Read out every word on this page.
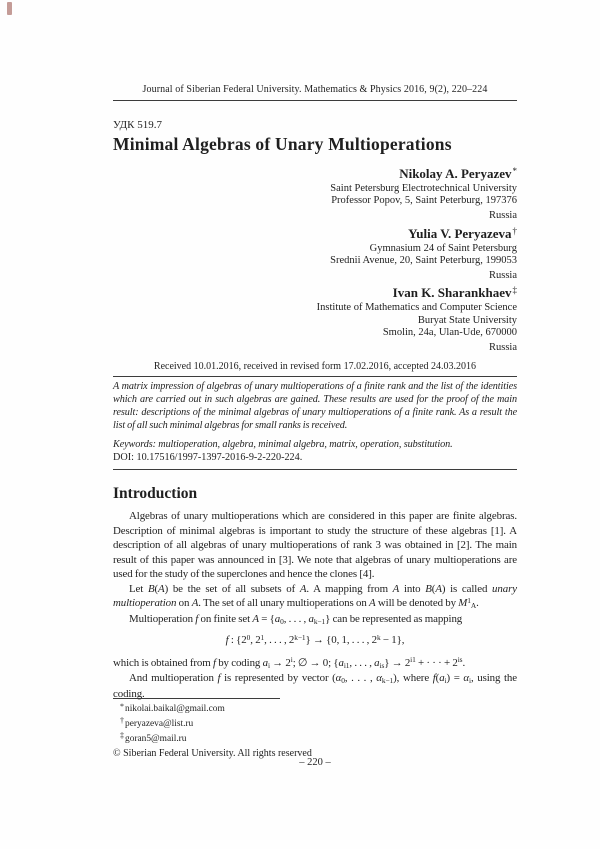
Journal of Siberian Federal University. Mathematics & Physics 2016, 9(2), 220–224
УДК 519.7
Minimal Algebras of Unary Multioperations
Nikolay A. Peryazev*
Saint Petersburg Electrotechnical University
Professor Popov, 5, Saint Peterburg, 197376
Russia
Yulia V. Peryazeva†
Gymnasium 24 of Saint Petersburg
Srednii Avenue, 20, Saint Peterburg, 199053
Russia
Ivan K. Sharankhaev‡
Institute of Mathematics and Computer Science
Buryat State University
Smolin, 24a, Ulan-Ude, 670000
Russia
Received 10.01.2016, received in revised form 17.02.2016, accepted 24.03.2016

A matrix impression of algebras of unary multioperations of a finite rank and the list of the identities which are carried out in such algebras are gained. These results are used for the proof of the main result: descriptions of the minimal algebras of unary multioperations of a finite rank. As a result the list of all such minimal algebras for small ranks is received.

Keywords: multioperation, algebra, minimal algebra, matrix, operation, substitution.

DOI: 10.17516/1997-1397-2016-9-2-220-224.

Introduction

Algebras of unary multioperations which are considered in this paper are finite algebras. Description of minimal algebras is important to study the structure of these algebras [1]. A description of all algebras of unary multioperations of rank 3 was obtained in [2]. The main result of this paper was announced in [3]. We note that algebras of unary multioperations are used for the study of the superclones and hence the clones [4].

Let B(A) be the set of all subsets of A. A mapping from A into B(A) is called unary multioperation on A. The set of all unary multioperations on A will be denoted by $M^1A$.

Multioperation f on finite set A = {a0, . . . , ak−1} can be represented as mapping

f : {$2^0$, $2^1$, . . . , $2^{k-1}\} \to \{0$, 1, . . . , $2^k - 1$},

which is obtained from f by coding ai → $2^i$; ∅ → 0; {ai1, . . . , $ais\} \to 2^{i1}$ + · · · + $2^{is}$.

And multioperation f is represented by vector (α0, . . . , αk−1), where f(ai) = αi, using the coding.

*nikolai.baikal@gmail.com
†peryazeva@list.ru
‡goran5@mail.ru
© Siberian Federal University. All rights reserved
– 220 –
